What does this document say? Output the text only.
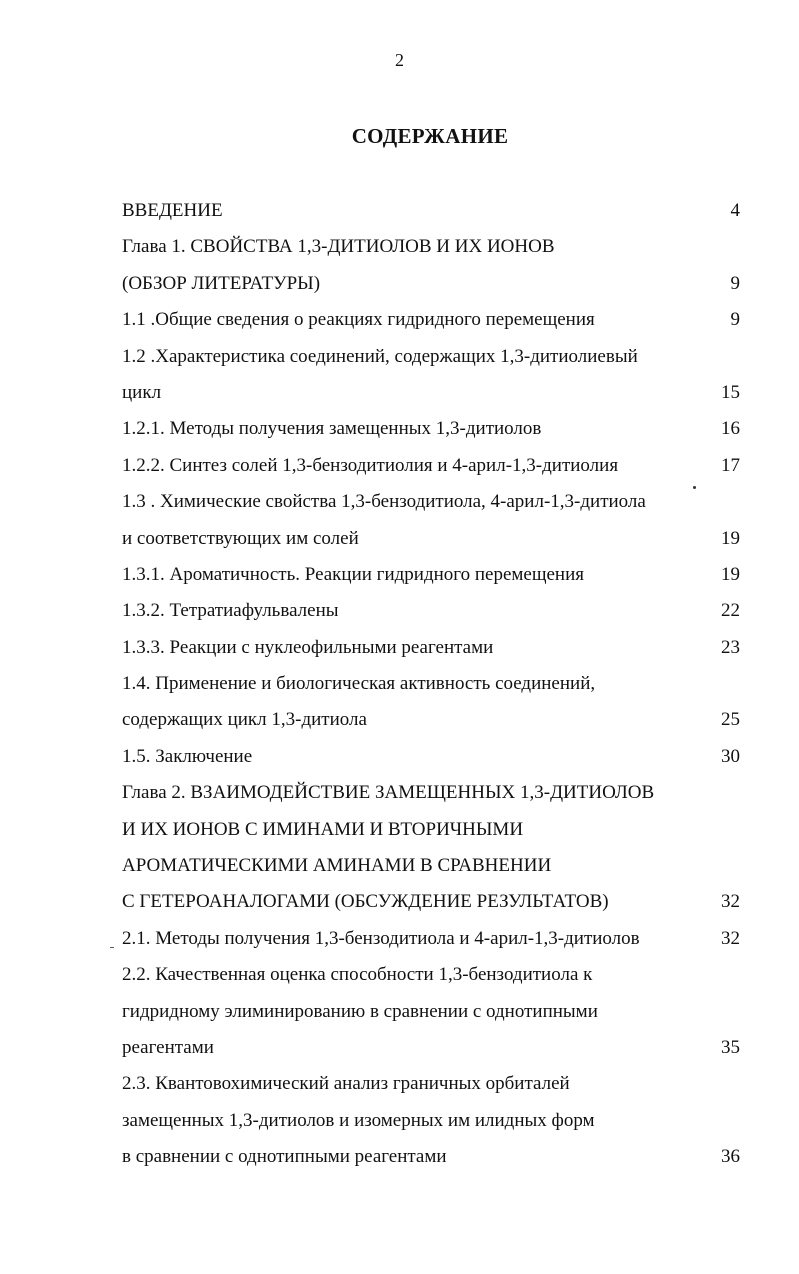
2
СОДЕРЖАНИЕ
ВВЕДЕНИЕ	4
Глава 1. СВОЙСТВА 1,3-ДИТИОЛОВ И ИХ ИОНОВ
(ОБЗОР ЛИТЕРАТУРЫ)	9
1.1 .Общие сведения о реакциях гидридного перемещения	9
1.2 .Характеристика соединений, содержащих 1,3-дитиолиевый
цикл	15
1.2.1. Методы получения замещенных 1,3-дитиолов	16
1.2.2. Синтез солей 1,3-бензодитиолия и 4-арил-1,3-дитиолия	17
1.3 . Химические свойства 1,3-бензодитиола, 4-арил-1,3-дитиола
и соответствующих им солей	19
1.3.1. Ароматичность. Реакции гидридного перемещения	19
1.3.2. Тетратиафульвалены	22
1.3.3. Реакции с нуклеофильными реагентами	23
1.4. Применение и биологическая активность соединений,
содержащих цикл 1,3-дитиола	25
1.5. Заключение	30
Глава 2. ВЗАИМОДЕЙСТВИЕ ЗАМЕЩЕННЫХ 1,3-ДИТИОЛОВ
И ИХ ИОНОВ С ИМИНАМИ И ВТОРИЧНЫМИ
АРОМАТИЧЕСКИМИ АМИНАМИ В СРАВНЕНИИ
С ГЕТЕРОАНАЛОГАМИ (ОБСУЖДЕНИЕ РЕЗУЛЬТАТОВ)	32
2.1. Методы получения 1,3-бензодитиола и 4-арил-1,3-дитиолов	32
2.2. Качественная оценка способности 1,3-бензодитиола к
гидридному элиминированию в сравнении с однотипными
реагентами	35
2.3. Квантовохимический анализ граничных орбиталей
замещенных 1,3-дитиолов и изомерных им илидных форм
в сравнении с однотипными реагентами	36
